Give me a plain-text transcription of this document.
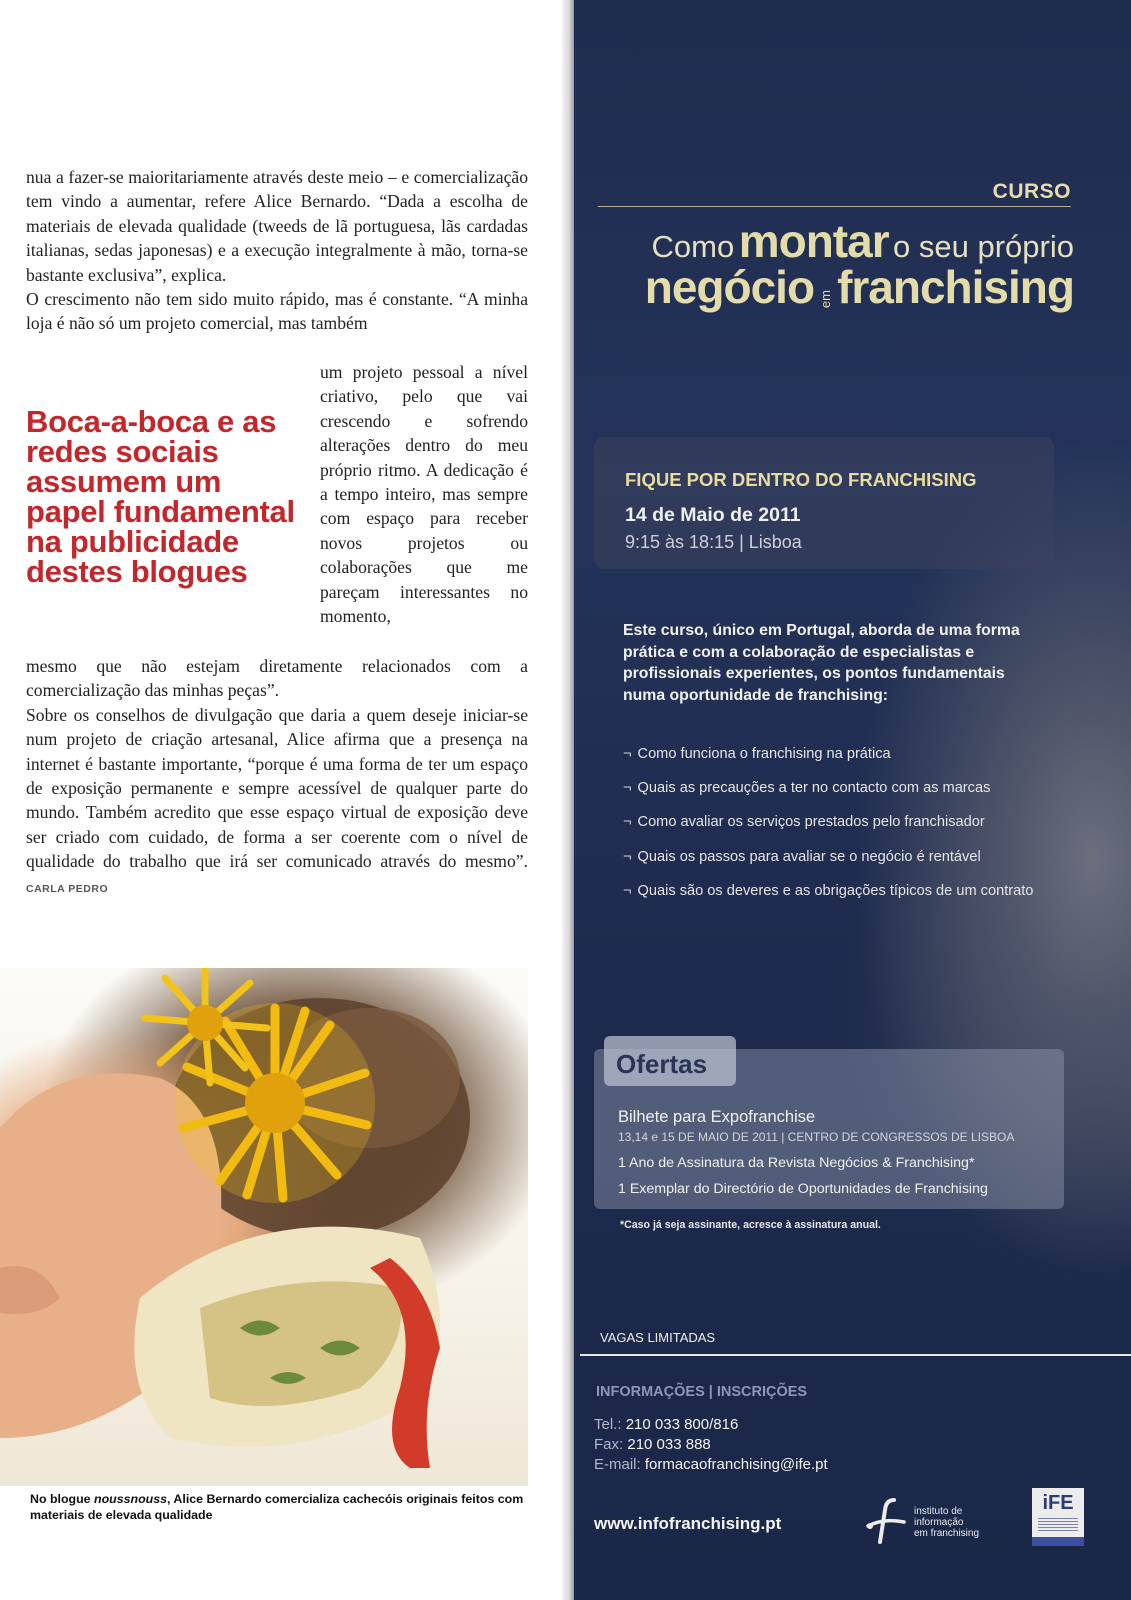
nua a fazer-se maioritariamente através deste meio – e comercialização tem vindo a aumentar, refere Alice Bernardo. “Dada a escolha de materiais de elevada qualidade (tweeds de lã portuguesa, lãs cardadas italianas, sedas japonesas) e a execução integralmente à mão, torna-se bastante exclusiva”, explica.
O crescimento não tem sido muito rápido, mas é constante. “A minha loja é não só um projeto comercial, mas também

um projeto pessoal a nível criativo, pelo que vai crescendo e sofrendo alterações dentro do meu próprio ritmo. A dedicação é a tempo inteiro, mas sempre com espaço para receber novos projetos ou colaborações que me pareçam interessantes no momento,

Boca-a-boca e as redes sociais assumem um papel fundamental na publicidade destes blogues

mesmo que não estejam diretamente relacionados com a comercialização das minhas peças”.
Sobre os conselhos de divulgação que daria a quem deseje iniciar-se num projeto de criação artesanal, Alice afirma que a presença na internet é bastante importante, “porque é uma forma de ter um espaço de exposição permanente e sempre acessível de qualquer parte do mundo. Também acredito que esse espaço virtual de exposição deve ser criado com cuidado, de forma a ser coerente com o nível de qualidade do trabalho que irá ser comunicado através do mesmo”. CARLA PEDRO

No blogue noussnouss, Alice Bernardo comercializa cachecóis originais feitos com materiais de elevada qualidade

CURSO
Como montar o seu próprio
negócio emfranchising
FIQUE POR DENTRO DO FRANCHISING
14 de Maio de 2011
9:15 às 18:15 | Lisboa

Este curso, único em Portugal, aborda de uma forma prática e com a colaboração de especialistas e profissionais experientes, os pontos fundamentais numa oportunidade de franchising:

¬ Como funciona o franchising na prática
¬ Quais as precauções a ter no contacto com as marcas
¬ Como avaliar os serviços prestados pelo franchisador
¬ Quais os passos para avaliar se o negócio é rentável
¬ Quais são os deveres e as obrigações típicos de um contrato
Ofertas
Bilhete para Expofranchise
13,14 e 15 DE MAIO DE 2011 | CENTRO DE CONGRESSOS DE LISBOA
1 Ano de Assinatura da Revista Negócios & Franchising*
1 Exemplar do Directório de Oportunidades de Franchising
*Caso já seja assinante, acresce à assinatura anual.
VAGAS LIMITADAS
INFORMAÇÕES | INSCRIÇÕES
Tel.: 210 033 800/816
Fax: 210 033 888
E-mail: formacaofranchising@ife.pt
www.infofranchising.pt
instituto de
informação
em franchising
iFE
